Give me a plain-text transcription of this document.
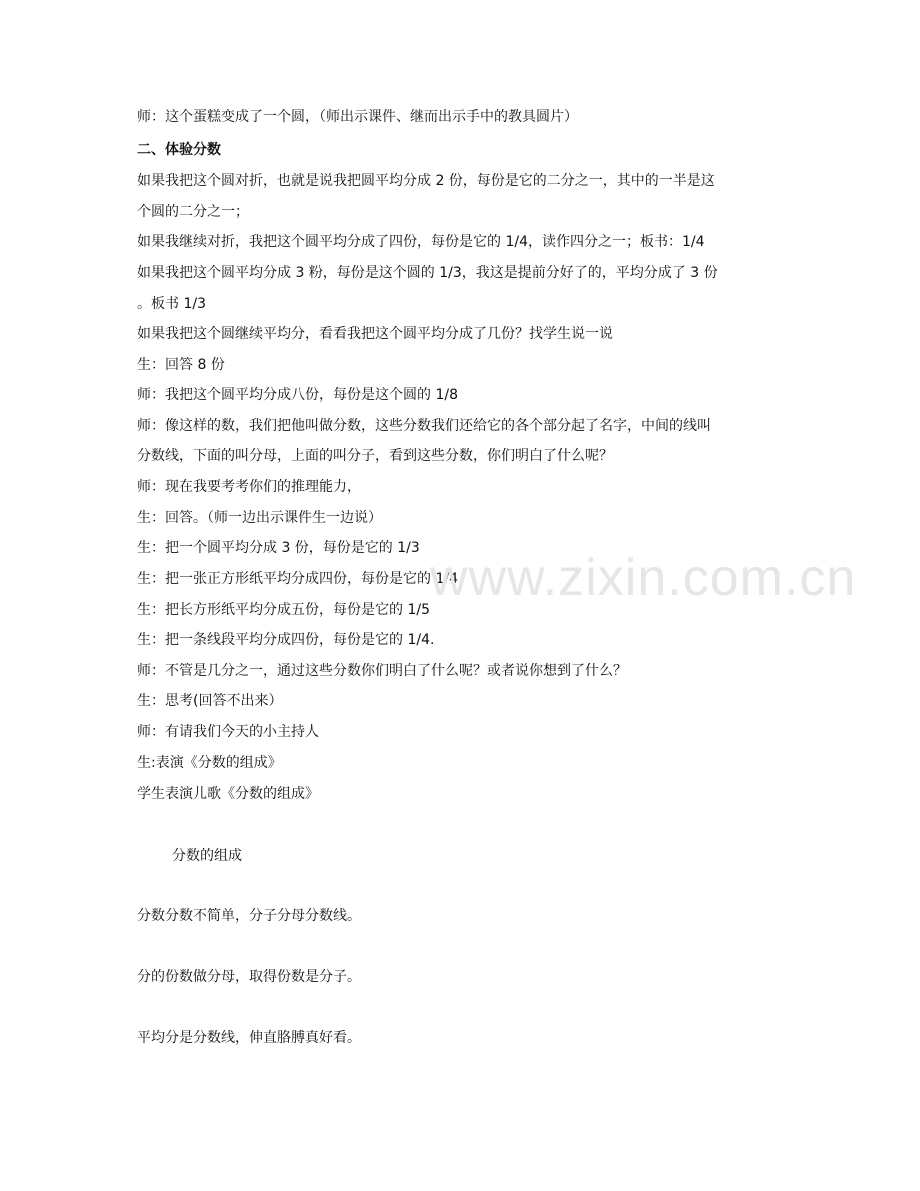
师：这个蛋糕变成了一个圆，（师出示课件、继而出示手中的教具圆片）
二、体验分数
如果我把这个圆对折，也就是说我把圆平均分成 2 份，每份是它的二分之一，其中的一半是这
个圆的二分之一；
如果我继续对折，我把这个圆平均分成了四份，每份是它的 1/4，读作四分之一；板书：1/4
如果我把这个圆平均分成 3 粉，每份是这个圆的 1/3，我这是提前分好了的，平均分成了 3 份
。板书 1/3
如果我把这个圆继续平均分，看看我把这个圆平均分成了几份？找学生说一说
生：回答 8 份
师：我把这个圆平均分成八份，每份是这个圆的 1/8
师：像这样的数，我们把他叫做分数，这些分数我们还给它的各个部分起了名字，中间的线叫
分数线，下面的叫分母，上面的叫分子，看到这些分数，你们明白了什么呢？
师：现在我要考考你们的推理能力，
生：回答。（师一边出示课件生一边说）
生：把一个圆平均分成 3 份，每份是它的 1/3
生：把一张正方形纸平均分成四份，每份是它的 1/4
生：把长方形纸平均分成五份，每份是它的 1/5
生：把一条线段平均分成四份，每份是它的 1/4.
师：不管是几分之一，通过这些分数你们明白了什么呢？或者说你想到了什么？
生：思考(回答不出来）
师：有请我们今天的小主持人
生:表演《分数的组成》
学生表演儿歌《分数的组成》
分数的组成
分数分数不简单，分子分母分数线。
分的份数做分母，取得份数是分子。
平均分是分数线，伸直胳膊真好看。
www.zixin.com.cn
